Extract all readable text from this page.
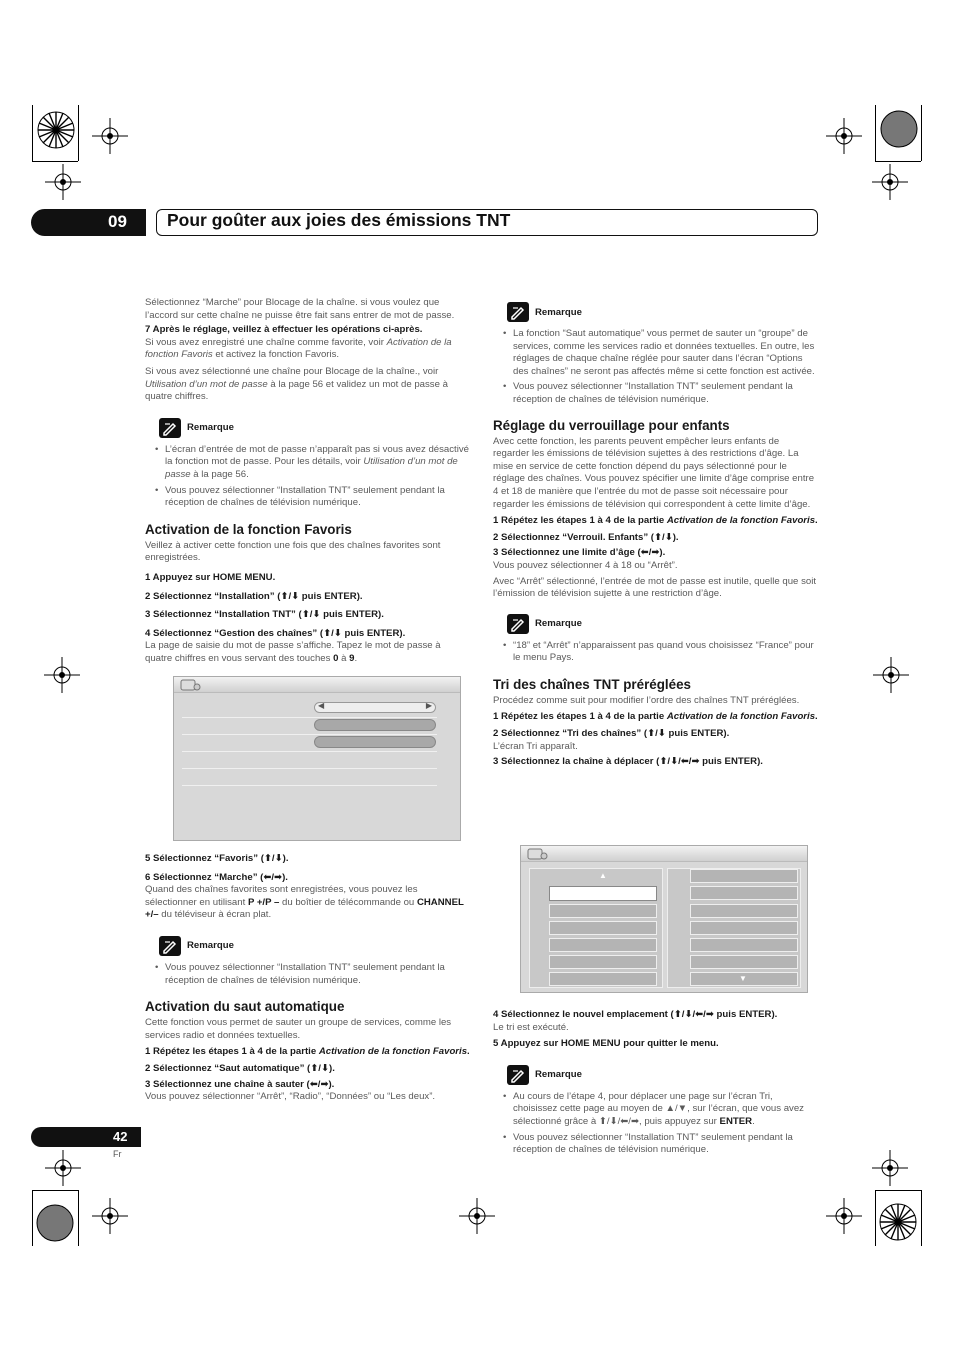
09 Pour goûter aux joies des émissions TNT

Sélectionnez “Marche” pour Blocage de la chaîne. si vous voulez que l’accord sur cette chaîne ne puisse être fait sans entrer de mot de passe.

7 Après le réglage, veillez à effectuer les opérations ci-après.

Si vous avez enregistré une chaîne comme favorite, voir Activation de la fonction Favoris et activez la fonction Favoris.

Si vous avez sélectionné une chaîne pour Blocage de la chaîne., voir Utilisation d’un mot de passe à la page 56 et validez un mot de passe à quatre chiffres.

Remarque

• L’écran d’entrée de mot de passe n’apparaît pas si vous avez désactivé la fonction mot de passe. Pour les détails, voir Utilisation d’un mot de passe à la page 56.

• Vous pouvez sélectionner “Installation TNT” seulement pendant la réception de chaînes de télévision numérique.

Activation de la fonction Favoris

Veillez à activer cette fonction une fois que des chaînes favorites sont enregistrées.

1 Appuyez sur HOME MENU.

2 Sélectionnez “Installation” (⬆/⬇ puis ENTER).

3 Sélectionnez “Installation TNT” (⬆/⬇ puis ENTER).

4 Sélectionnez “Gestion des chaînes” (⬆/⬇ puis ENTER).

La page de saisie du mot de passe s’affiche. Tapez le mot de passe à quatre chiffres en vous servant des touches 0 à 9.

◀	▶

5 Sélectionnez “Favoris” (⬆/⬇).

6 Sélectionnez “Marche” (⬅/➡).

Quand des chaînes favorites sont enregistrées, vous pouvez les sélectionner en utilisant P +/P – du boîtier de télécommande ou CHANNEL +/– du téléviseur à écran plat.

Remarque

• Vous pouvez sélectionner “Installation TNT” seulement pendant la réception de chaînes de télévision numérique.

Activation du saut automatique

Cette fonction vous permet de sauter un groupe de services, comme les services radio et données textuelles.

1 Répétez les étapes 1 à 4 de la partie Activation de la fonction Favoris.

2 Sélectionnez “Saut automatique” (⬆/⬇).

3 Sélectionnez une chaîne à sauter (⬅/➡).

Vous pouvez sélectionner “Arrêt”, “Radio”, “Données” ou “Les deux”.

Remarque

• La fonction “Saut automatique” vous permet de sauter un “groupe” de services, comme les services radio et données textuelles. En outre, les réglages de chaque chaîne réglée pour sauter dans l’écran “Options des chaînes” ne seront pas affectés même si cette fonction est activée.

• Vous pouvez sélectionner “Installation TNT” seulement pendant la réception de chaînes de télévision numérique.

Réglage du verrouillage pour enfants

Avec cette fonction, les parents peuvent empêcher leurs enfants de regarder les émissions de télévision sujettes à des restrictions d’âge. La mise en service de cette fonction dépend du pays sélectionné pour le réglage des chaînes. Vous pouvez spécifier une limite d’âge comprise entre 4 et 18 de manière que l’entrée du mot de passe soit nécessaire pour regarder les émissions de télévision qui correspondent à cette limite d’âge.

1 Répétez les étapes 1 à 4 de la partie Activation de la fonction Favoris.

2 Sélectionnez “Verrouil. Enfants” (⬆/⬇).

3 Sélectionnez une limite d’âge (⬅/➡).

Vous pouvez sélectionner 4 à 18 ou “Arrêt”.

Avec “Arrêt” sélectionné, l’entrée de mot de passe est inutile, quelle que soit l’émission de télévision sujette à une restriction d’âge.

Remarque

• “18” et “Arrêt” n’apparaissent pas quand vous choisissez “France” pour le menu Pays.

Tri des chaînes TNT préréglées

Procédez comme suit pour modifier l’ordre des chaînes TNT préréglées.

1 Répétez les étapes 1 à 4 de la partie Activation de la fonction Favoris.

2 Sélectionnez “Tri des chaînes” (⬆/⬇ puis ENTER).

L’écran Tri apparaît.

3 Sélectionnez la chaîne à déplacer (⬆/⬇/⬅/➡ puis ENTER).

▲
▼

4 Sélectionnez le nouvel emplacement (⬆/⬇/⬅/➡ puis ENTER).

Le tri est exécuté.

5 Appuyez sur HOME MENU pour quitter le menu.

Remarque

• Au cours de l’étape 4, pour déplacer une page sur l’écran Tri, choisissez cette page au moyen de ▲/▼, sur l’écran, que vous avez sélectionné grâce à ⬆/⬇/⬅/➡, puis appuyez sur ENTER.

• Vous pouvez sélectionner “Installation TNT” seulement pendant la réception de chaînes de télévision numérique.

42
Fr
